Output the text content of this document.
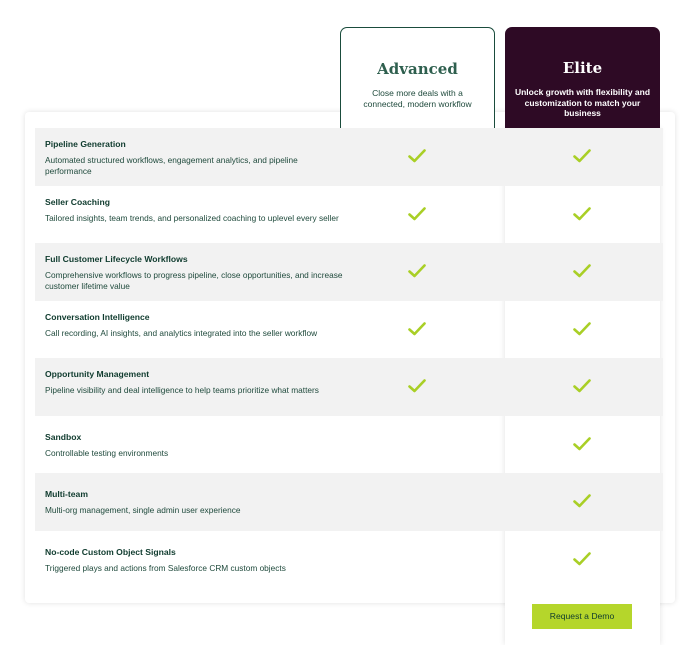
Advanced
Close more deals with a connected, modern workflow
Elite
Unlock growth with flexibility and customization to match your business
Pipeline Generation
Automated structured workflows, engagement analytics, and pipeline performance
Seller Coaching
Tailored insights, team trends, and personalized coaching to uplevel every seller
Full Customer Lifecycle Workflows
Comprehensive workflows to progress pipeline, close opportunities, and increase customer lifetime value
Conversation Intelligence
Call recording, AI insights, and analytics integrated into the seller workflow
Opportunity Management
Pipeline visibility and deal intelligence to help teams prioritize what matters
Sandbox
Controllable testing environments
Multi-team
Multi-org management, single admin user experience
No-code Custom Object Signals
Triggered plays and actions from Salesforce CRM custom objects
Request a Demo
